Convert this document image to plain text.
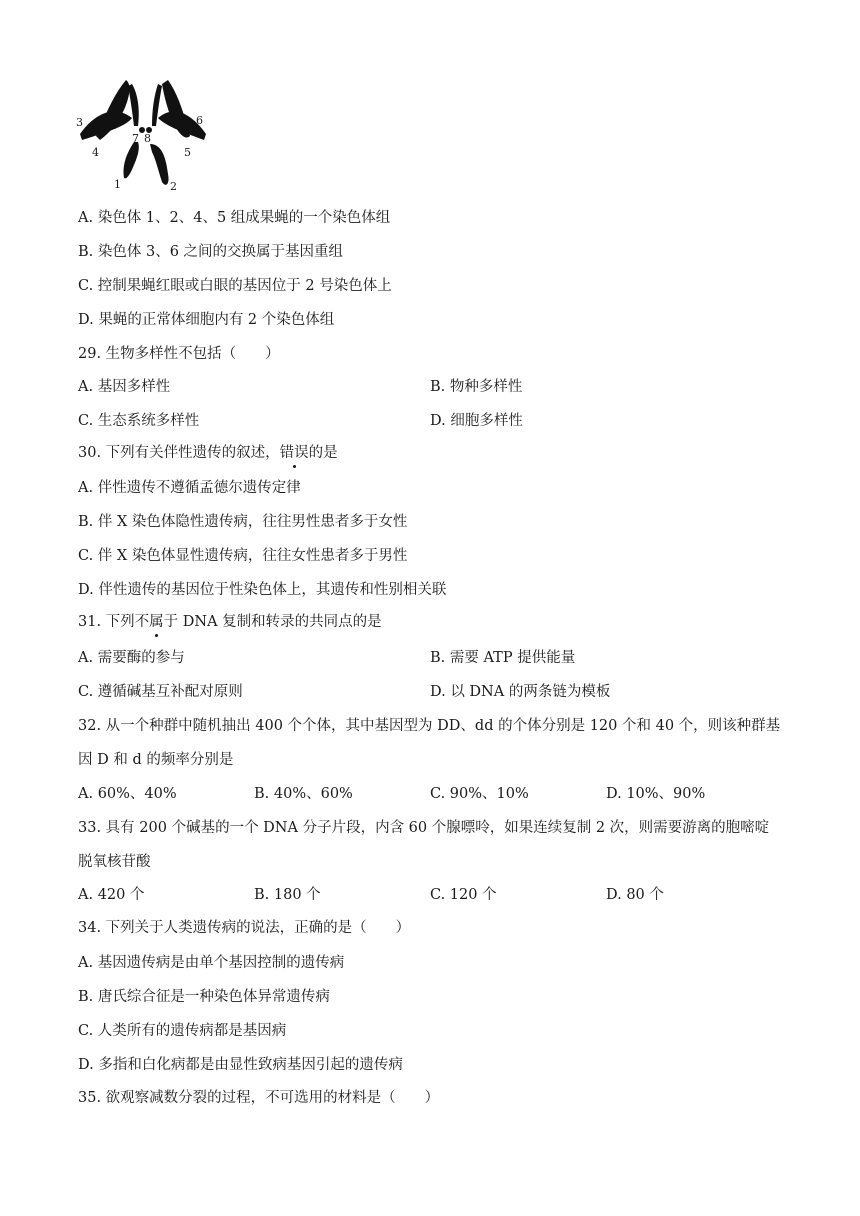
3
4
7 8
6
5
1	2
A. 染色体 1、2、4、5 组成果蝇的一个染色体组
B. 染色体 3、6 之间的交换属于基因重组
C. 控制果蝇红眼或白眼的基因位于 2 号染色体上
D. 果蝇的正常体细胞内有 2 个染色体组
29. 生物多样性不包括（　　）
A. 基因多样性	B. 物种多样性
C. 生态系统多样性	D. 细胞多样性
30. 下列有关伴性遗传的叙述，错误的是
A. 伴性遗传不遵循孟德尔遗传定律
B. 伴 X 染色体隐性遗传病，往往男性患者多于女性
C. 伴 X 染色体显性遗传病，往往女性患者多于男性
D. 伴性遗传的基因位于性染色体上，其遗传和性别相关联
31. 下列不属于 DNA 复制和转录的共同点的是
A. 需要酶的参与	B. 需要 ATP 提供能量
C. 遵循碱基互补配对原则	D. 以 DNA 的两条链为模板
32. 从一个种群中随机抽出 400 个个体，其中基因型为 DD、dd 的个体分别是 120 个和 40 个，则该种群基
因 D 和 d 的频率分别是
A. 60%、40%	B. 40%、60%	C. 90%、10%	D. 10%、90%
33. 具有 200 个碱基的一个 DNA 分子片段，内含 60 个腺嘌呤，如果连续复制 2 次，则需要游离的胞嘧啶
脱氧核苷酸
A. 420 个	B. 180 个	C. 120 个	D. 80 个
34. 下列关于人类遗传病的说法，正确的是（　　）
A. 基因遗传病是由单个基因控制的遗传病
B. 唐氏综合征是一种染色体异常遗传病
C. 人类所有的遗传病都是基因病
D. 多指和白化病都是由显性致病基因引起的遗传病
35. 欲观察减数分裂的过程，不可选用的材料是（　　）
